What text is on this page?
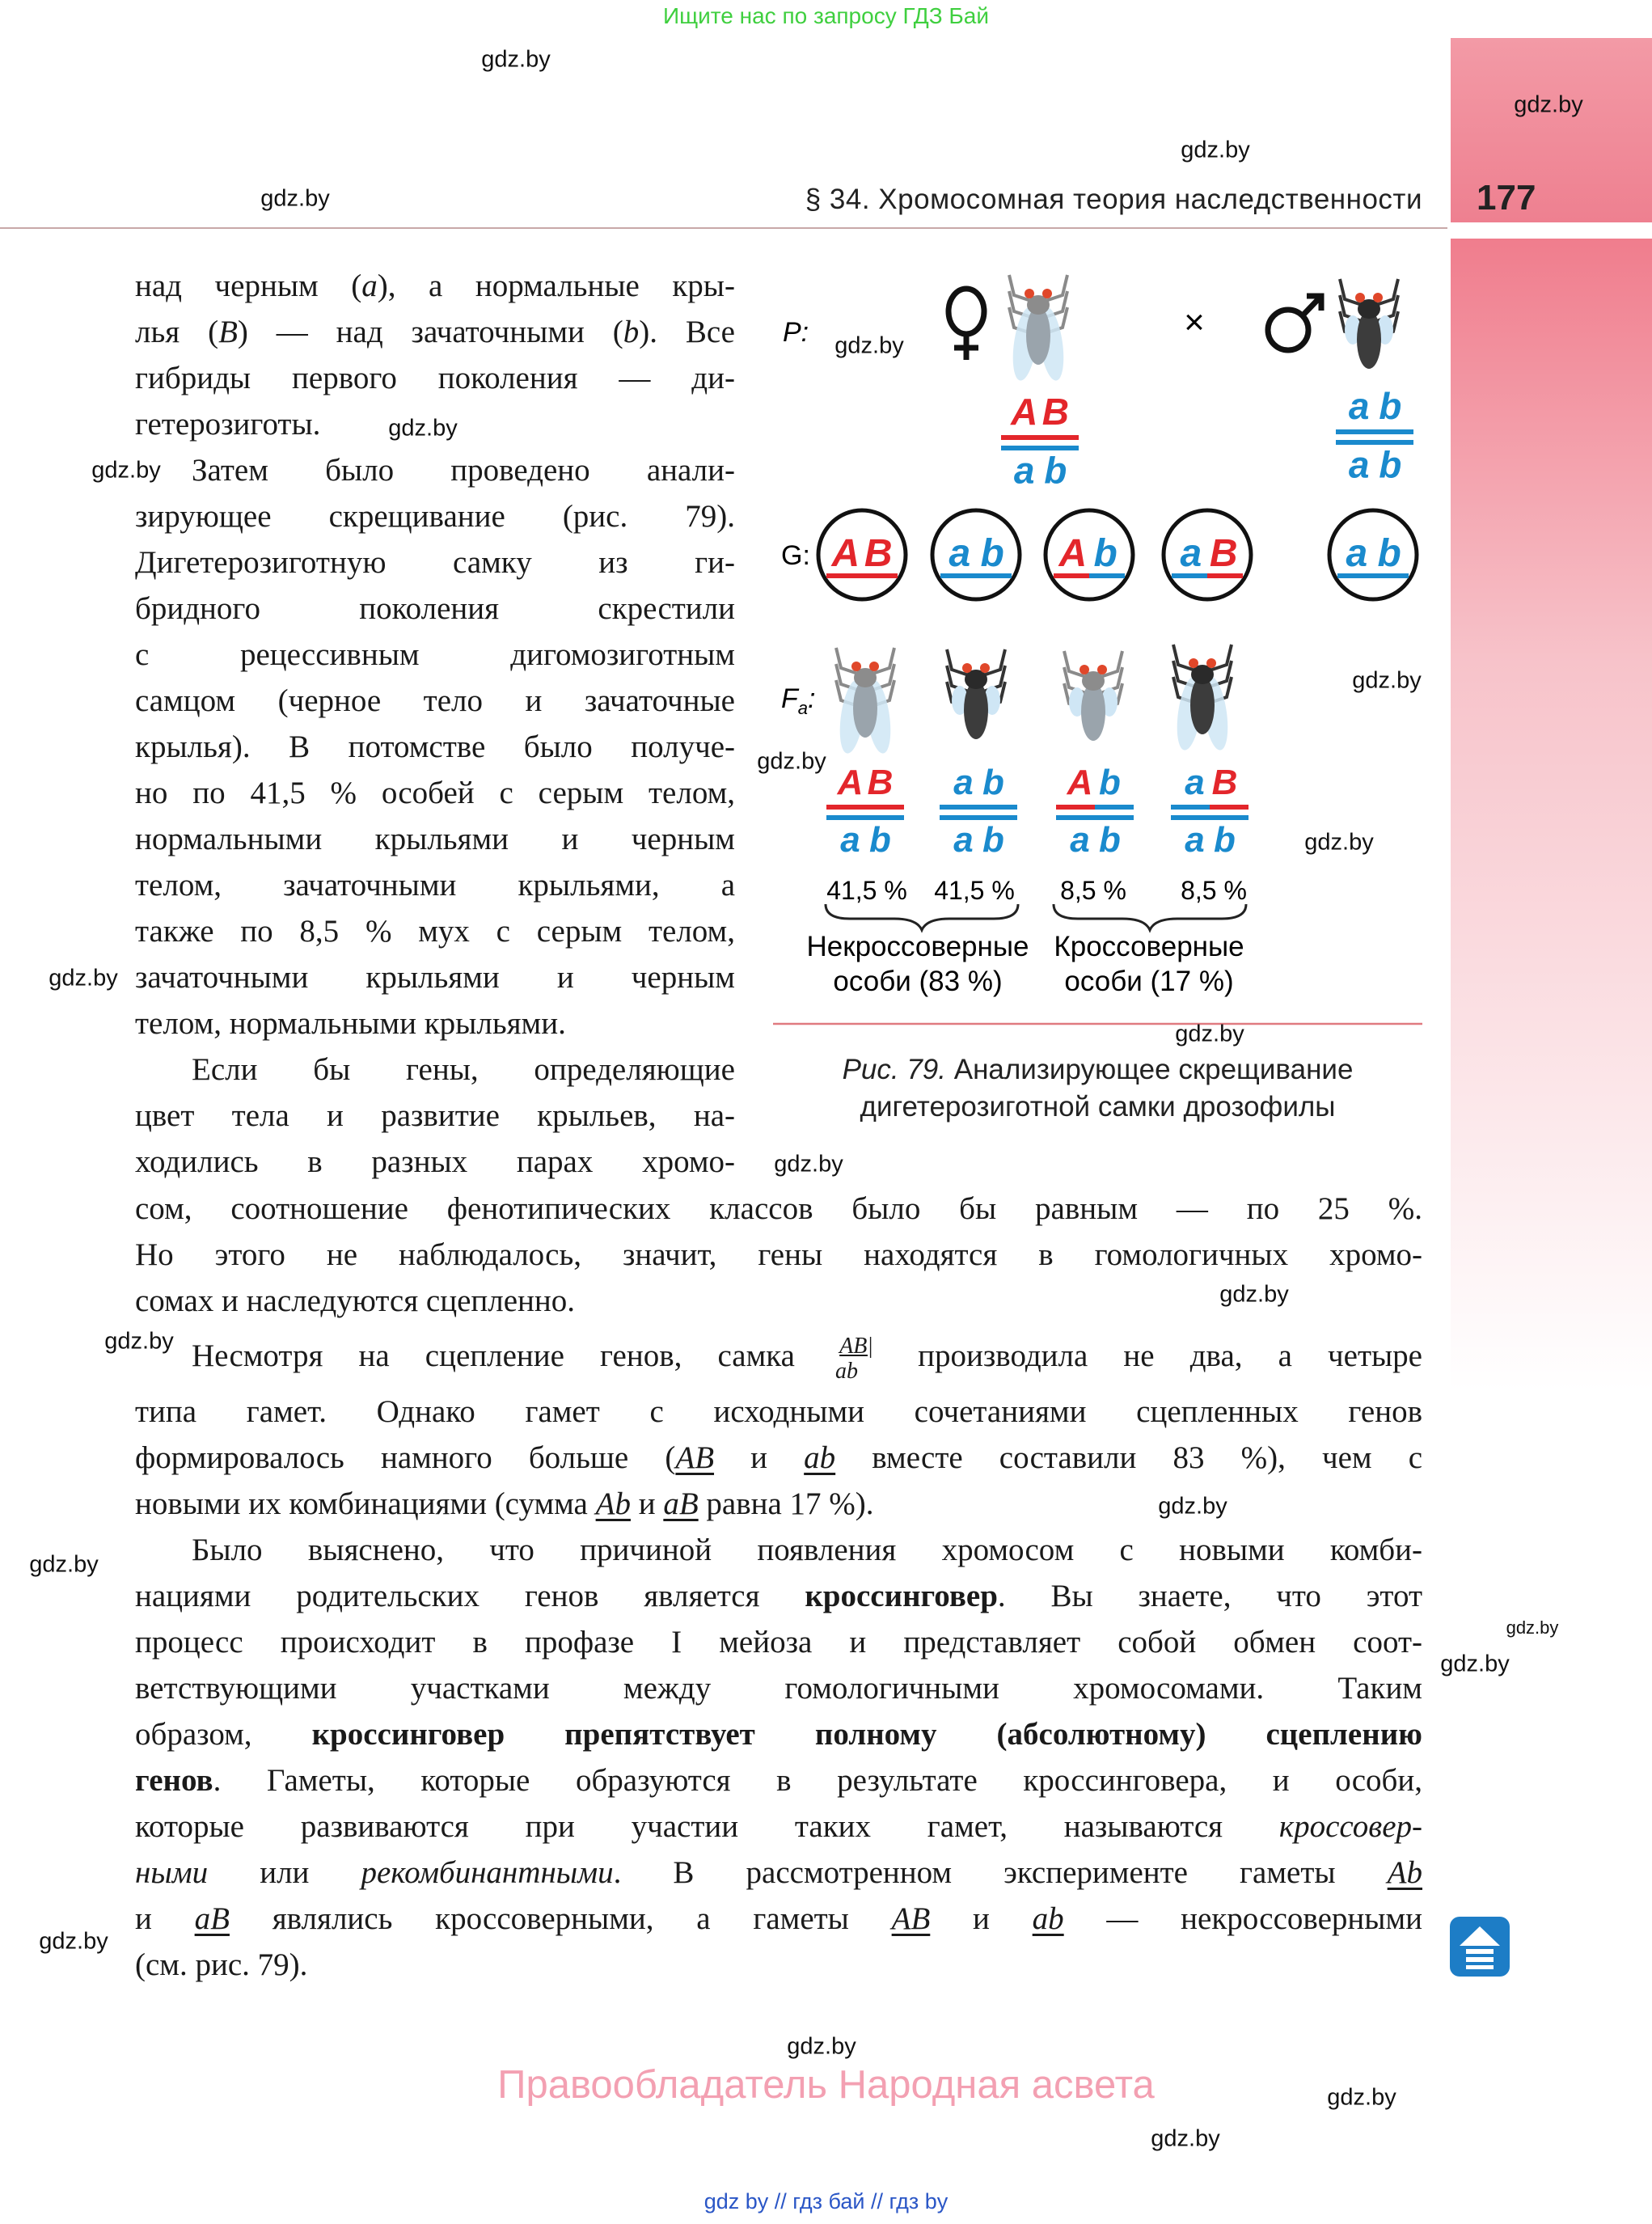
Ищите нас по запросу ГДЗ Бай
177
§ 34. Хромосомная теория наследственности
над черным (a), а нормальные кры-
лья (B) — над зачаточными (b). Все
гибриды первого поколения — ди-
гетерозиготы.
Затем было проведено анали-
зирующее скрещивание (рис. 79).
Дигетерозиготную самку из ги-
бридного поколения скрестили
с рецессивным дигомозиготным
самцом (черное тело и зачаточные
крылья). В потомстве было получе-
но по 41,5 % особей с серым телом,
нормальными крыльями и черным
телом, зачаточными крыльями, а
также по 8,5 % мух с серым телом,
зачаточными крыльями и черным
телом, нормальными крыльями.
Если бы гены, определяющие
цвет тела и развитие крыльев, на-
ходились в разных парах хромо-
сом, соотношение фенотипических классов было бы равным — по 25 %.
Но этого не наблюдалось, значит, гены находятся в гомологичных хромо-
сомах и наследуются сцепленно.
Несмотря на сцепление генов, самка AB|ab производила не два, а четыре
типа гамет. Однако гамет с исходными сочетаниями сцепленных генов
формировалось намного больше (AB и ab вместе составили 83 %), чем с
новыми их комбинациями (сумма Ab и aB равна 17 %).
Было выяснено, что причиной появления хромосом с новыми комби-
нациями родительских генов является кроссинговер. Вы знаете, что этот
процесс происходит в профазе I мейоза и представляет собой обмен соот-
ветствующими участками между гомологичными хромосомами. Таким
образом, кроссинговер препятствует полному (абсолютному) сцеплению
генов. Гаметы, которые образуются в результате кроссинговера, и особи,
которые развиваются при участии таких гамет, называются кроссовер-
ными или рекомбинантными. В рассмотренном эксперименте гаметы Ab
и aB являлись кроссоверными, а гаметы AB и ab — некроссоверными
(см. рис. 79).
P:
G:
$F_a$:
×
A B
a b
a b
a b
A B a b A b a B	a b
A B
a b
a b
a b
A b
a b
a B
a b
41,5 % 41,5 % 8,5 % 8,5 %
Некроссоверные
особи (83 %)
Кроссоверные
особи (17 %)
Рис. 79. Анализирующее скрещивание
дигетерозиготной самки дрозофилы
gdz.by
gdz.by
gdz.by
gdz.by
gdz.by
gdz.by
gdz.by
gdz.by
gdz.by
gdz.by
gdz.by
gdz.by
gdz.by
gdz.by
gdz.by
gdz.by
gdz.by
gdz.by
gdz.by
gdz.by
gdz.by
gdz.by
gdz.by
Правообладатель Народная асвета
gdz by // гдз бай // гдз by
